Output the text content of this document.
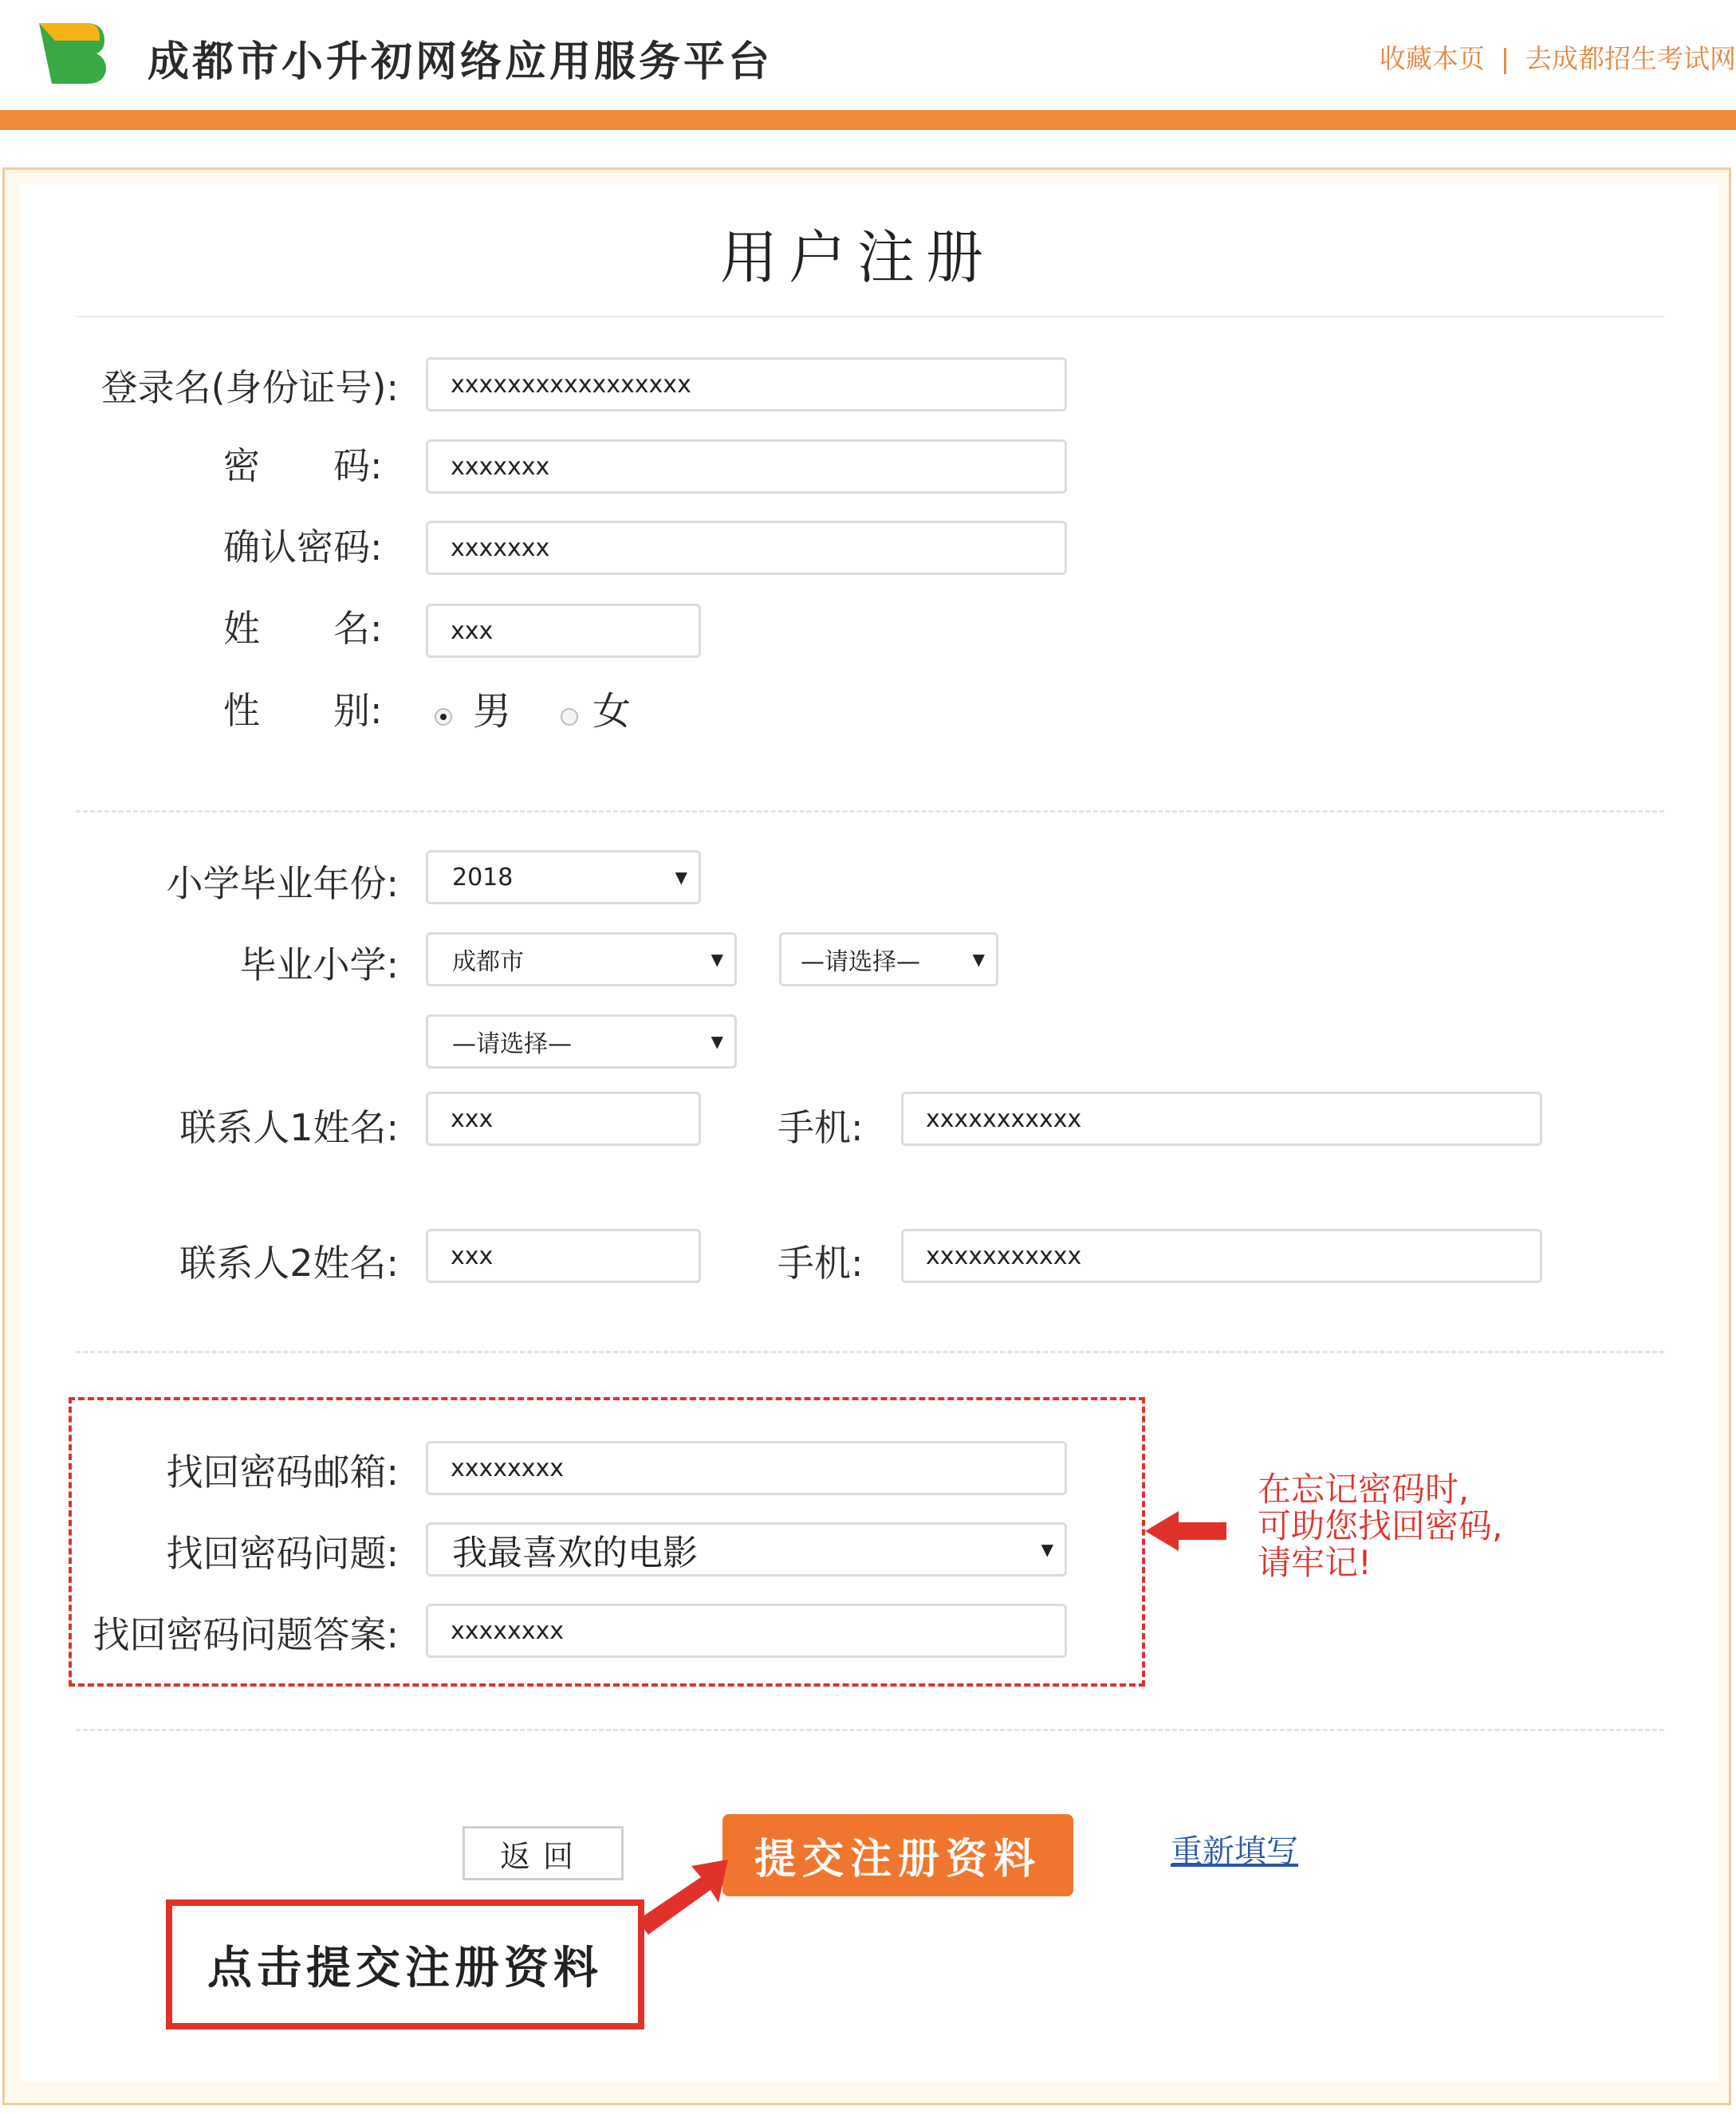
成都市小升初网络应用服务平台	收藏本页 | 去成都招生考试网
用户注册
登录名(身份证号):	xxxxxxxxxxxxxxxxx
密　　码:	xxxxxxx
确认密码:	xxxxxxx
姓　　名:	xxx
性　　别: 男 女
小学毕业年份: 2018	▼
毕业小学: 成都市	▼	—请选择—	▼
—请选择—	▼
联系人1姓名:	xxx	手机:	xxxxxxxxxxx
联系人2姓名:	xxx	手机:	xxxxxxxxxxx
找回密码邮箱:	xxxxxxxx
找回密码问题: 我最喜欢的电影	▼
找回密码问题答案:	xxxxxxxx
在忘记密码时,
可助您找回密码,
请牢记!
返回	提交注册资料	重新填写
点击提交注册资料
